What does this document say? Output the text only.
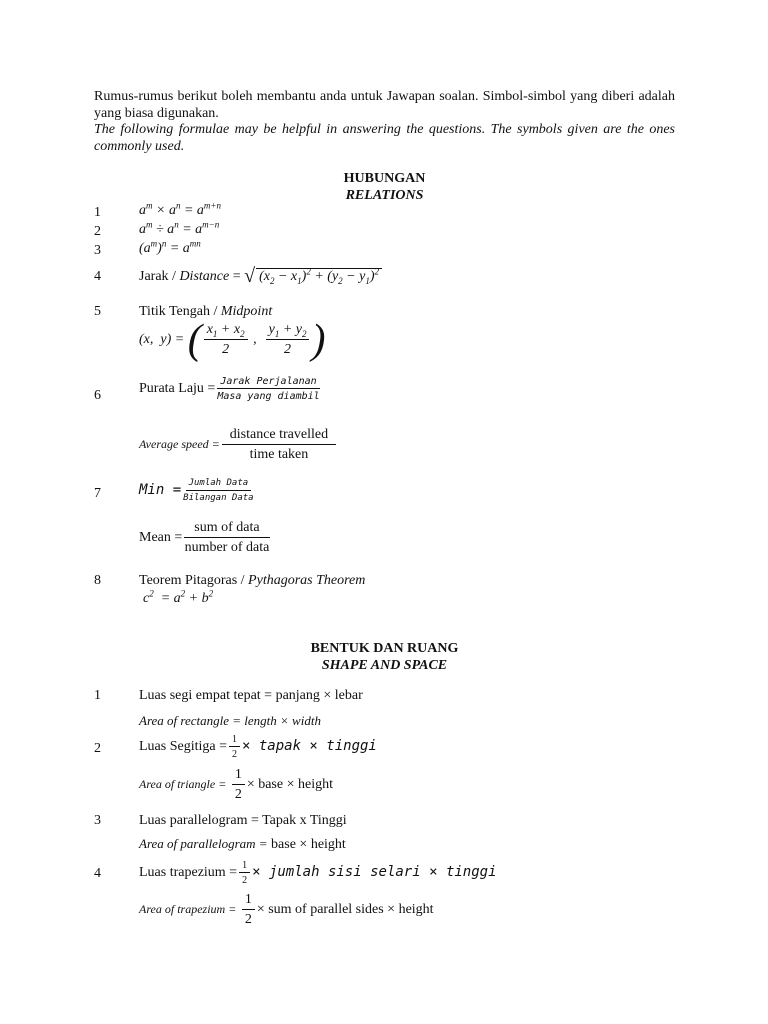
Rumus-rumus berikut boleh membantu anda untuk Jawapan soalan. Simbol-simbol yang diberi adalah yang biasa digunakan.
The following formulae may be helpful in answering the questions. The symbols given are the ones commonly used.
HUBUNGAN
RELATIONS
1	$a^m \times a^n = a^{m+n}$
2	$a^m \div a^n = a^{m-n}$
3	$(a^m)^n = a^{mn}$
4	Jarak / Distance = √ $(x_2 - x_1)^2 + (y_2 - y_1)^2$
5	Titik Tengah / Midpoint
(x,  y) = ( $\frac{x_1 + x_2}{2}$ , $\frac{y_1 + y_2}{2}$ )
6	Purata Laju = $\frac{\text{Jarak Perjalanan}}{\text{Masa yang diambil}}$
Average speed = $\frac{\text{distance travelled}}{\text{time taken}}$
7	Min = $\frac{\text{Jumlah Data}}{\text{Bilangan Data}}$
Mean = $\frac{\text{sum of data}}{\text{number of data}}$
8	Teorem Pitagoras / Pythagoras Theorem
$c^2 = a^2 + b^2$
BENTUK DAN RUANG
SHAPE AND SPACE
1	Luas segi empat tepat = panjang × lebar
Area of rectangle = length × width
2	Luas Segitiga = $\frac{1}{2}$ × tapak × tinggi
Area of triangle = $\frac{1}{2}$ × base × height
3	Luas parallelogram = Tapak x Tinggi
Area of parallelogram = base × height
4	Luas trapezium = $\frac{1}{2}$ × jumlah sisi selari × tinggi
Area of trapezium = $\frac{1}{2}$ × sum of parallel sides × height
